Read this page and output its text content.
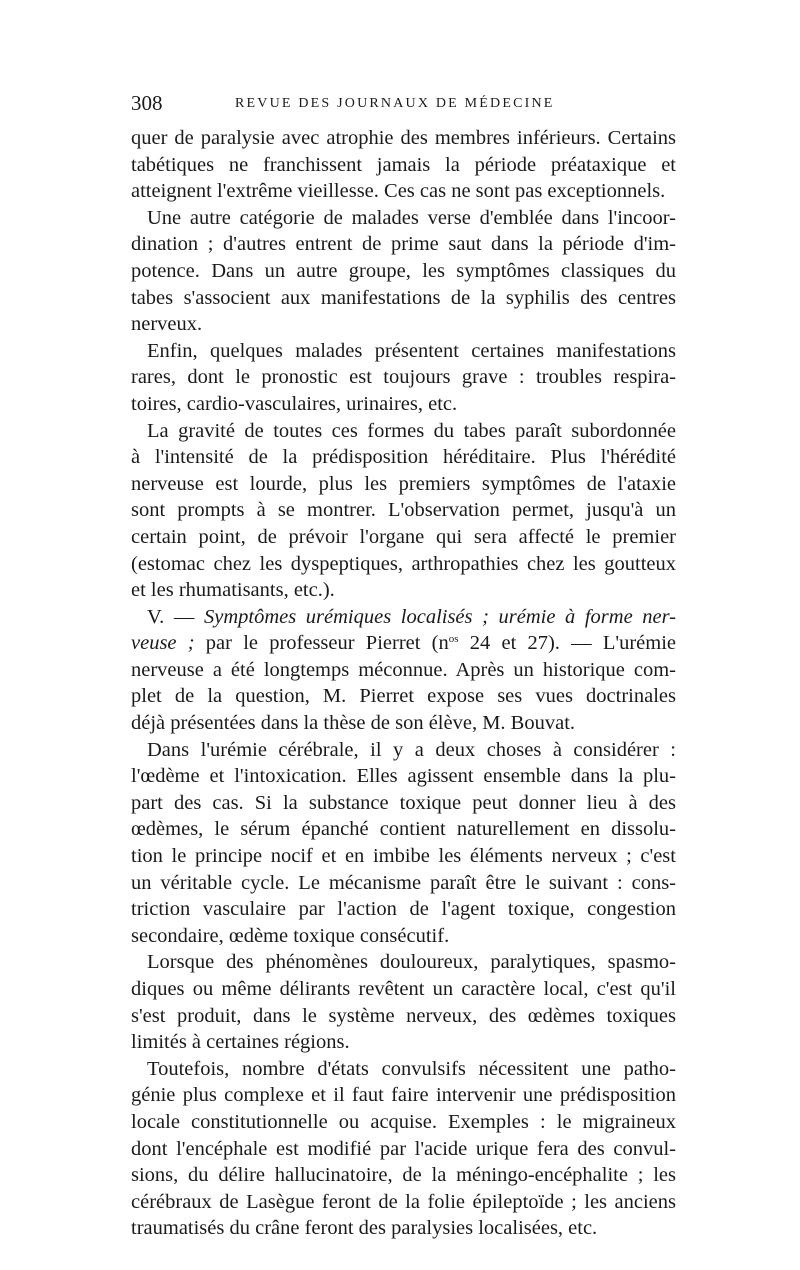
308	REVUE DES JOURNAUX DE MÉDECINE
quer de paralysie avec atrophie des membres inférieurs. Certains
tabétiques ne franchissent jamais la période préataxique et
atteignent l'extrême vieillesse. Ces cas ne sont pas exceptionnels.
Une autre catégorie de malades verse d'emblée dans l'incoor-
dination ; d'autres entrent de prime saut dans la période d'im-
potence. Dans un autre groupe, les symptômes classiques du
tabes s'associent aux manifestations de la syphilis des centres
nerveux.
Enfin, quelques malades présentent certaines manifestations
rares, dont le pronostic est toujours grave : troubles respira-
toires, cardio-vasculaires, urinaires, etc.
La gravité de toutes ces formes du tabes paraît subordonnée
à l'intensité de la prédisposition héréditaire. Plus l'hérédité
nerveuse est lourde, plus les premiers symptômes de l'ataxie
sont prompts à se montrer. L'observation permet, jusqu'à un
certain point, de prévoir l'organe qui sera affecté le premier
(estomac chez les dyspeptiques, arthropathies chez les goutteux
et les rhumatisants, etc.).
V. — Symptômes urémiques localisés ; urémie à forme ner-
veuse ; par le professeur Pierret ($n^{os}$ 24 et 27). — L'urémie
nerveuse a été longtemps méconnue. Après un historique com-
plet de la question, M. Pierret expose ses vues doctrinales
déjà présentées dans la thèse de son élève, M. Bouvat.
Dans l'urémie cérébrale, il y a deux choses à considérer :
l'œdème et l'intoxication. Elles agissent ensemble dans la plu-
part des cas. Si la substance toxique peut donner lieu à des
œdèmes, le sérum épanché contient naturellement en dissolu-
tion le principe nocif et en imbibe les éléments nerveux ; c'est
un véritable cycle. Le mécanisme paraît être le suivant : cons-
triction vasculaire par l'action de l'agent toxique, congestion
secondaire, œdème toxique consécutif.
Lorsque des phénomènes douloureux, paralytiques, spasmo-
diques ou même délirants revêtent un caractère local, c'est qu'il
s'est produit, dans le système nerveux, des œdèmes toxiques
limités à certaines régions.
Toutefois, nombre d'états convulsifs nécessitent une patho-
génie plus complexe et il faut faire intervenir une prédisposition
locale constitutionnelle ou acquise. Exemples : le migraineux
dont l'encéphale est modifié par l'acide urique fera des convul-
sions, du délire hallucinatoire, de la méningo-encéphalite ; les
cérébraux de Lasègue feront de la folie épileptoïde ; les anciens
traumatisés du crâne feront des paralysies localisées, etc.
